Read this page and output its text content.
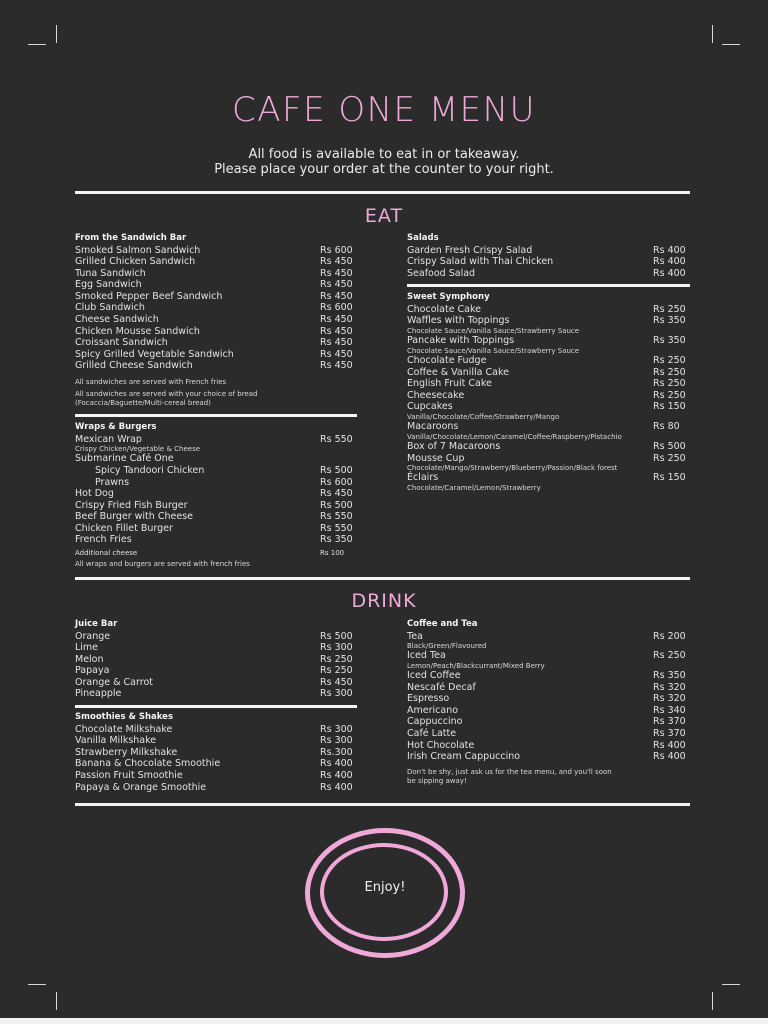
CAFE ONE MENU
All food is available to eat in or takeaway.
Please place your order at the counter to your right.
EAT
From the Sandwich Bar
Smoked Salmon Sandwich	Rs 600
Grilled Chicken Sandwich	Rs 450
Tuna Sandwich	Rs 450
Egg Sandwich	Rs 450
Smoked Pepper Beef Sandwich	Rs 450
Club Sandwich	Rs 600
Cheese Sandwich	Rs 450
Chicken Mousse Sandwich	Rs 450
Croissant Sandwich	Rs 450
Spicy Grilled Vegetable Sandwich	Rs 450
Grilled Cheese Sandwich	Rs 450
All sandwiches are served with French fries
All sandwiches are served with your choice of bread
(Focaccia/Baguette/Multi-cereal bread)
Wraps & Burgers
Mexican Wrap	Rs 550
Crispy Chicken/Vegetable & Cheese
Submarine Café One
Spicy Tandoori Chicken	Rs 500
Prawns	Rs 600
Hot Dog	Rs 450
Crispy Fried Fish Burger	Rs 500
Beef Burger with Cheese	Rs 550
Chicken Fillet Burger	Rs 550
French Fries	Rs 350
Additional cheese	Rs 100
All wraps and burgers are served with french fries
Salads
Garden Fresh Crispy Salad	Rs 400
Crispy Salad with Thai Chicken	Rs 400
Seafood Salad	Rs 400
Sweet Symphony
Chocolate Cake	Rs 250
Waffles with Toppings	Rs 350
Chocolate Sauce/Vanilla Sauce/Strawberry Sauce
Pancake with Toppings	Rs 350
Chocolate Sauce/Vanilla Sauce/Strawberry Sauce
Chocolate Fudge	Rs 250
Coffee & Vanilla Cake	Rs 250
English Fruit Cake	Rs 250
Cheesecake	Rs 250
Cupcakes	Rs 150
Vanilla/Chocolate/Coffee/Strawberry/Mango
Macaroons	Rs 80
Vanilla/Chocolate/Lemon/Caramel/Coffee/Raspberry/Pistachio
Box of 7 Macaroons	Rs 500
Mousse Cup	Rs 250
Chocolate/Mango/Strawberry/Blueberry/Passion/Black forest
Éclairs	Rs 150
Chocolate/Caramel/Lemon/Strawberry
DRINK
Juice Bar
Orange	Rs 500
Lime	Rs 300
Melon	Rs 250
Papaya	Rs 250
Orange & Carrot	Rs 450
Pineapple	Rs 300
Smoothies & Shakes
Chocolate Milkshake	Rs 300
Vanilla Milkshake	Rs 300
Strawberry Milkshake	Rs.300
Banana & Chocolate Smoothie	Rs 400
Passion Fruit Smoothie	Rs 400
Papaya & Orange Smoothie	Rs 400
Coffee and Tea
Tea	Rs 200
Black/Green/Flavoured
Iced Tea	Rs 250
Lemon/Peach/Blackcurrant/Mixed Berry
Iced Coffee	Rs 350
Nescafé Decaf	Rs 320
Espresso	Rs 320
Americano	Rs 340
Cappuccino	Rs 370
Café Latte	Rs 370
Hot Chocolate	Rs 400
Irish Cream Cappuccino	Rs 400
Don't be shy, just ask us for the tea menu, and you'll soon
be sipping away!
Enjoy!
